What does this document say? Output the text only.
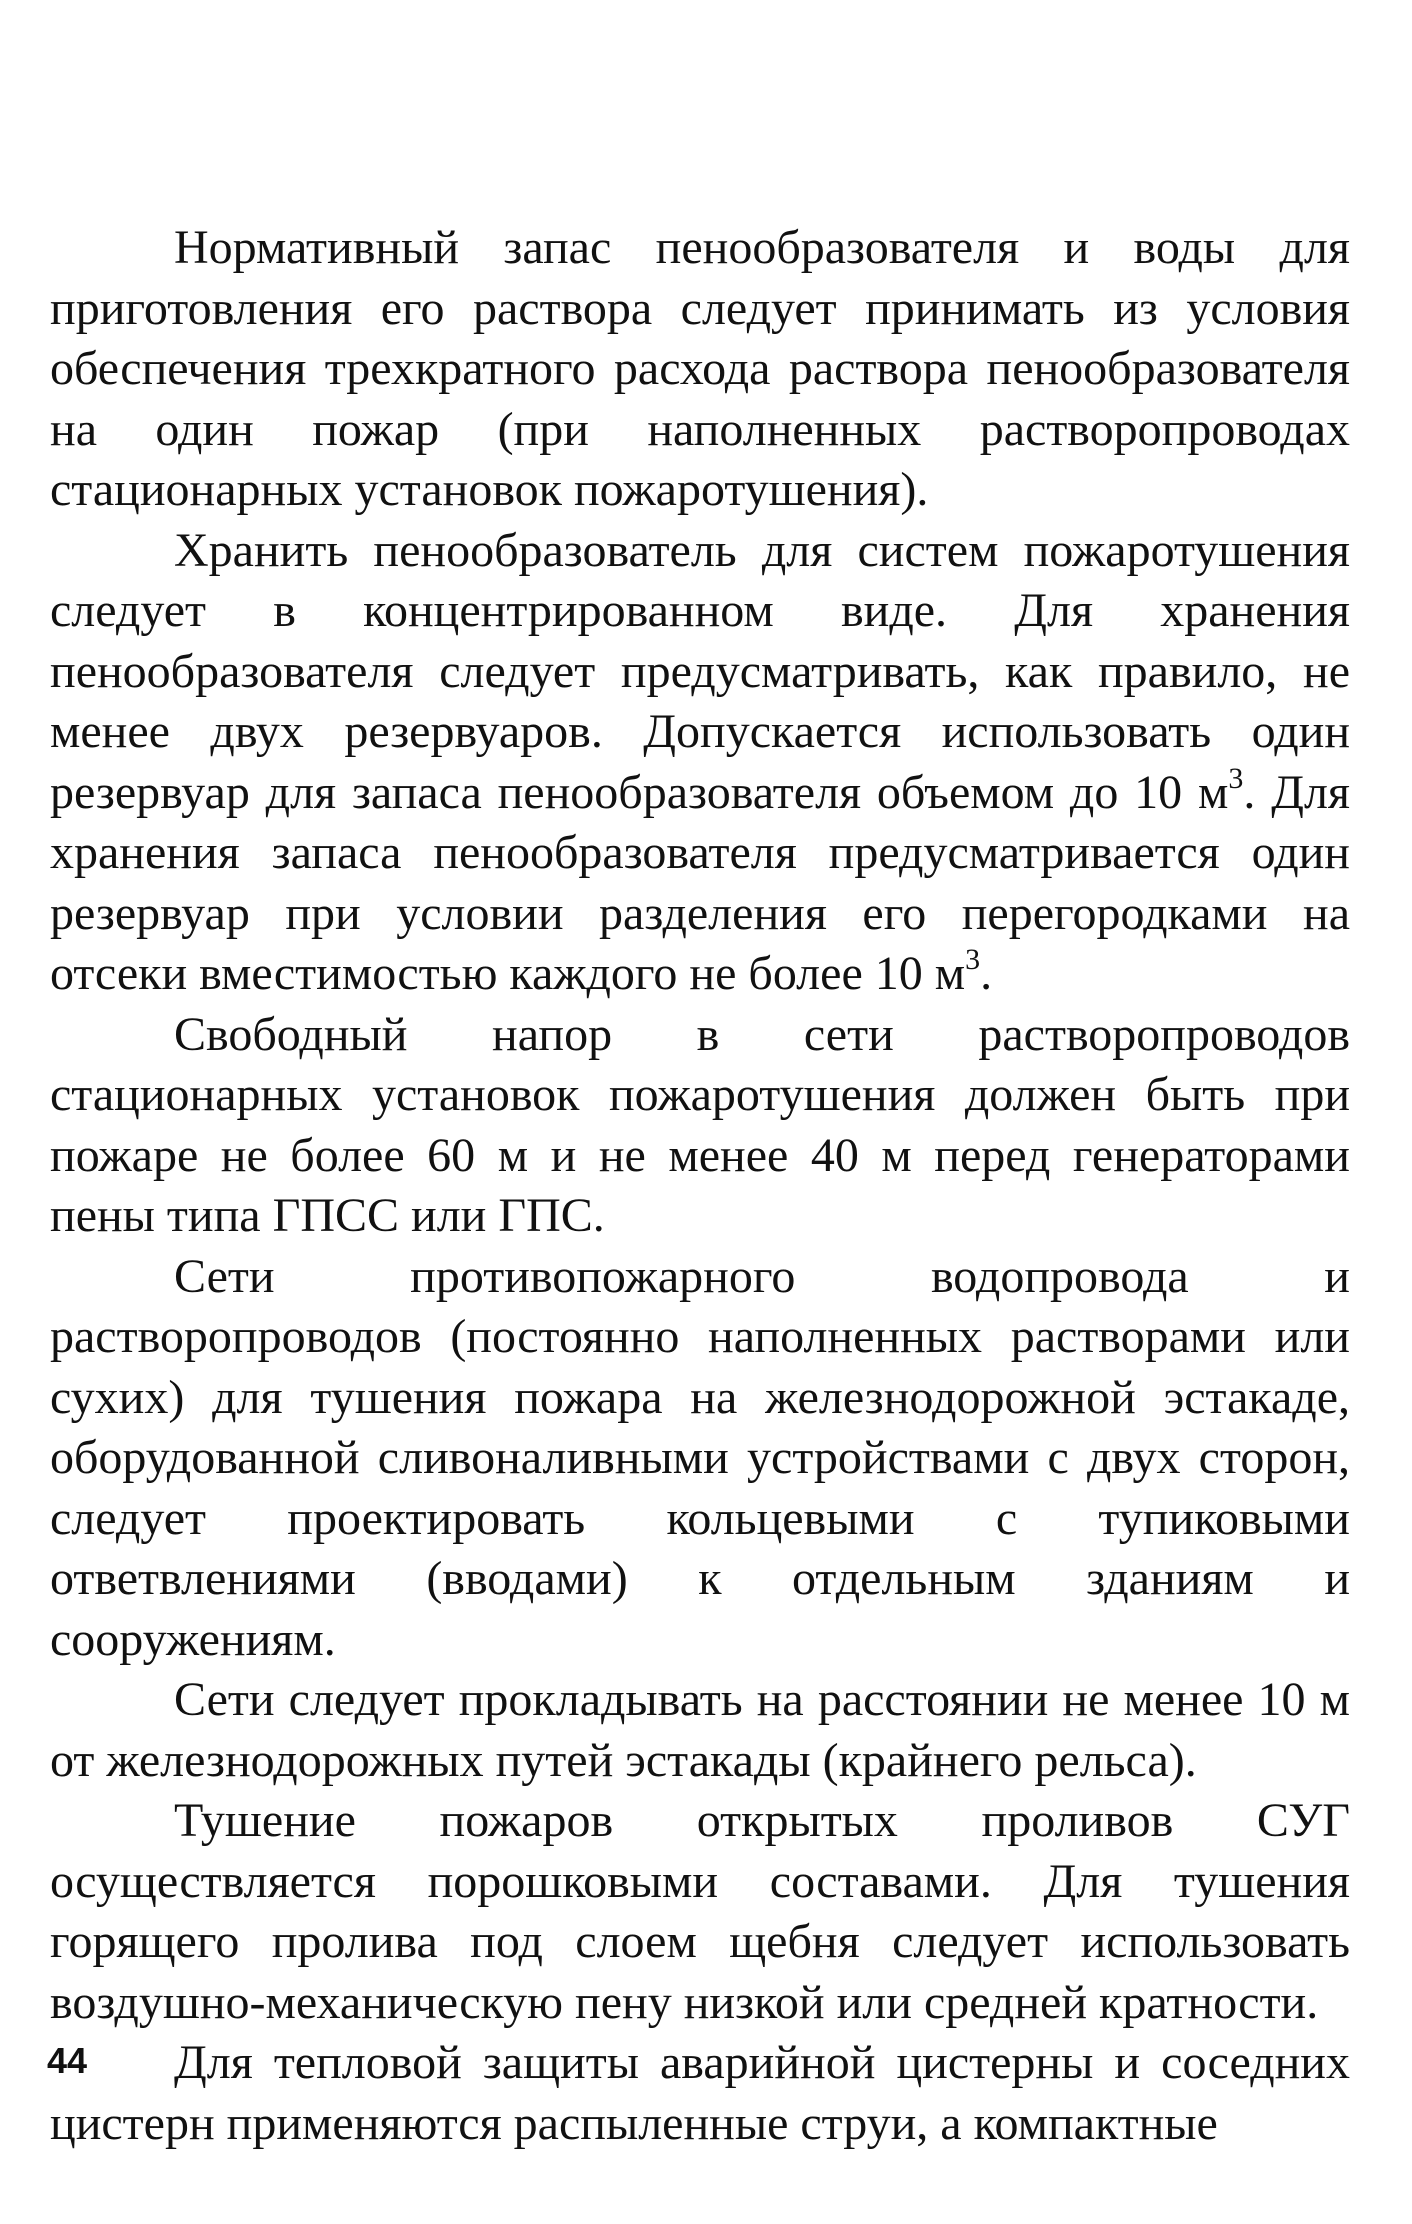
Нормативный запас пенообразователя и воды для приготовления его раствора следует принимать из условия обеспечения трехкратного расхода раствора пенообразователя на один пожар (при наполненных растворопроводах стационарных установок пожаротушения).

Хранить пенообразователь для систем пожаротушения следует в концентрированном виде. Для хранения пенообразователя следует предусматривать, как правило, не менее двух резервуаров. Допускается использовать один резервуар для запаса пенообразователя объемом до 10 $м^3$. Для хранения запаса пенообразователя предусматривается один резервуар при условии разделения его перегородками на отсеки вместимостью каждого не более 10 $м^3$.

Свободный напор в сети растворопроводов стационарных установок пожаротушения должен быть при пожаре не более 60 м и не менее 40 м перед генераторами пены типа ГПСС или ГПС.

Сети противопожарного водопровода и растворопроводов (постоянно наполненных растворами или сухих) для тушения пожара на железнодорожной эстакаде, оборудованной сливоналивными устройствами с двух сторон, следует проектировать кольцевыми с тупиковыми ответвлениями (вводами) к отдельным зданиям и сооружениям.

Сети следует прокладывать на расстоянии не менее 10 м от железнодорожных путей эстакады (крайнего рельса).

Тушение пожаров открытых проливов СУГ осуществляется порошковыми составами. Для тушения горящего пролива под слоем щебня следует использовать воздушно-механическую пену низкой или средней кратности.

Для тепловой защиты аварийной цистерны и соседних цистерн применяются распыленные струи, а компактные

44
